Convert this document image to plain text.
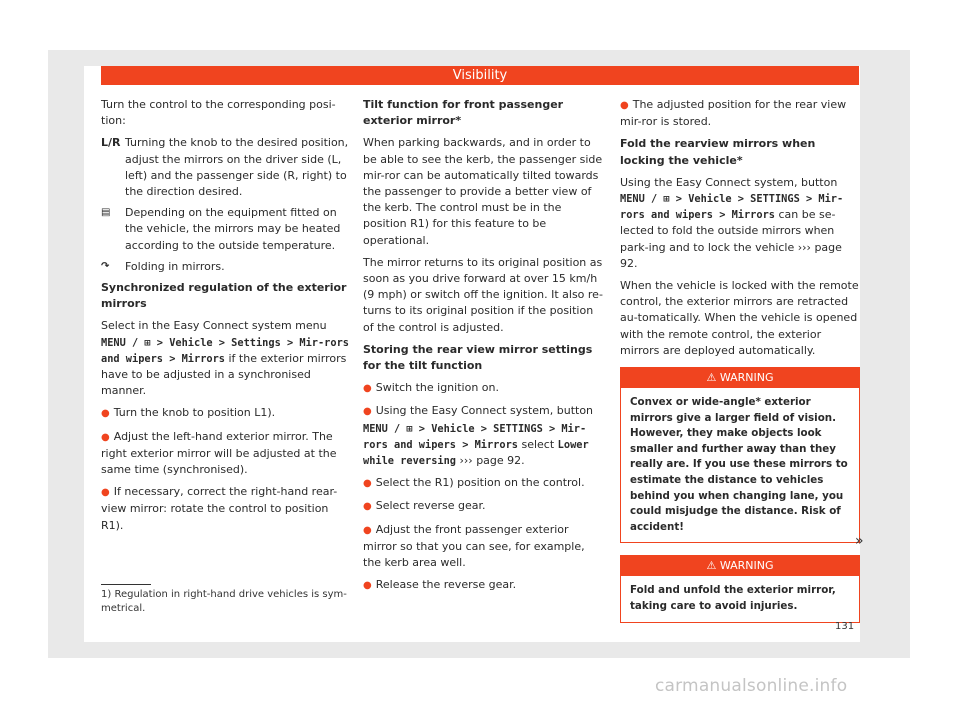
Visibility

Turn the control to the corresponding posi-tion:

L/R Turning the knob to the desired position, adjust the mirrors on the driver side (L, left) and the passenger side (R, right) to the direction desired.
▤	Depending on the equipment fitted on the vehicle, the mirrors may be heated according to the outside temperature.
↷	Folding in mirrors.

Synchronized regulation of the exterior mirrors

Select in the Easy Connect system menu MENU / ⊞ > Vehicle > Settings > Mir-rors and wipers > Mirrors if the exterior mirrors have to be adjusted in a synchronised manner.

● Turn the knob to position L1).

● Adjust the left-hand exterior mirror. The right exterior mirror will be adjusted at the same time (synchronised).

● If necessary, correct the right-hand rear-view mirror: rotate the control to position R1).

Tilt function for front passenger exterior mirror*

When parking backwards, and in order to be able to see the kerb, the passenger side mir-ror can be automatically tilted towards the passenger to provide a better view of the kerb. The control must be in the position R1) for this feature to be operational.

The mirror returns to its original position as soon as you drive forward at over 15 km/h (9 mph) or switch off the ignition. It also re-turns to its original position if the position of the control is adjusted.

Storing the rear view mirror settings for the tilt function

● Switch the ignition on.

● Using the Easy Connect system, button MENU / ⊞ > Vehicle > SETTINGS > Mir-rors and wipers > Mirrors select Lower while reversing ››› page 92.

● Select the R1) position on the control.

● Select reverse gear.

● Adjust the front passenger exterior mirror so that you can see, for example, the kerb area well.

● Release the reverse gear.

● The adjusted position for the rear view mir-ror is stored.

Fold the rearview mirrors when locking the vehicle*

Using the Easy Connect system, button MENU / ⊞ > Vehicle > SETTINGS > Mir-rors and wipers > Mirrors can be se-lected to fold the outside mirrors when park-ing and to lock the vehicle ››› page 92.

When the vehicle is locked with the remote control, the exterior mirrors are retracted au-tomatically. When the vehicle is opened with the remote control, the exterior mirrors are deployed automatically.

⚠ WARNING
Convex or wide-angle* exterior mirrors give a larger field of vision. However, they make objects look smaller and further away than they really are. If you use these mirrors to estimate the distance to vehicles behind you when changing lane, you could misjudge the distance. Risk of accident!
⚠ WARNING
Fold and unfold the exterior mirror, taking care to avoid injuries.
»
1) Regulation in right-hand drive vehicles is sym-metrical.
131
carmanualsonline.info
